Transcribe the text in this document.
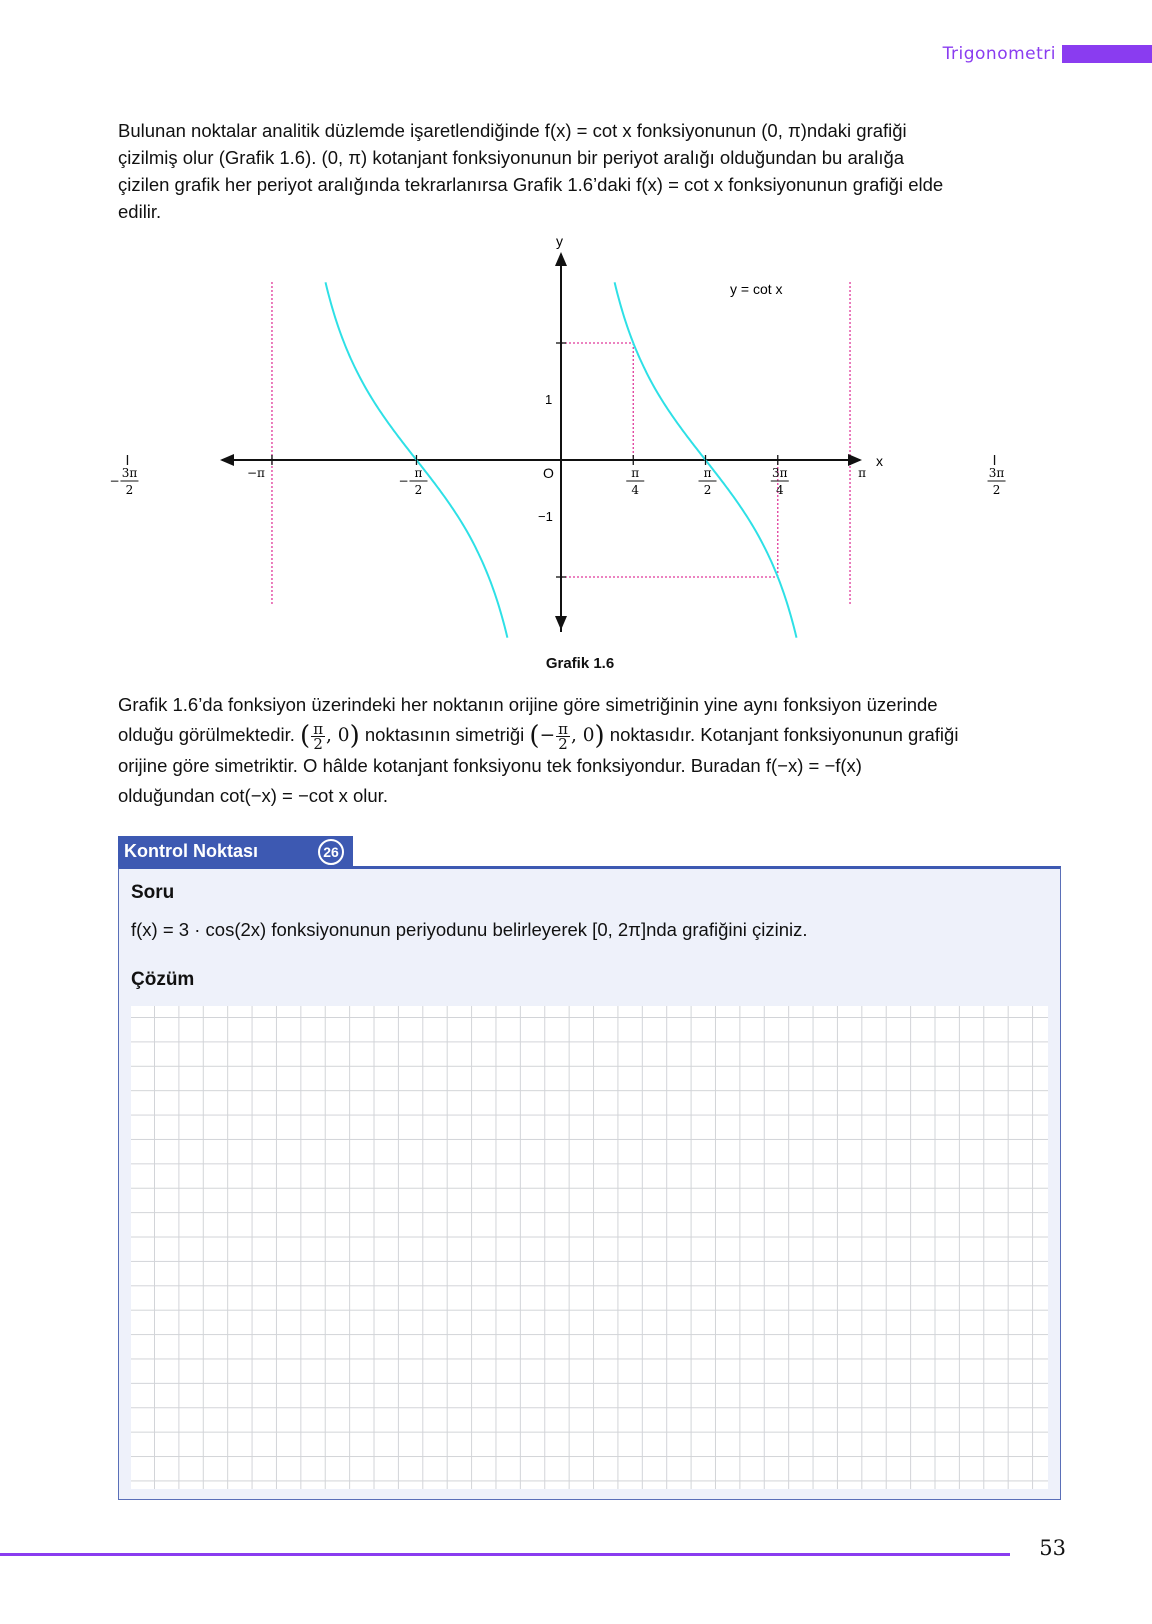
Trigonometri
Bulunan noktalar analitik düzlemde işaretlendiğinde f(x) = cot x fonksiyonunun (0, π)ndaki grafiği
çizilmiş olur (Grafik 1.6). (0, π) kotanjant fonksiyonunun bir periyot aralığı olduğundan bu aralığa
çizilen grafik her periyot aralığında tekrarlanırsa Grafik 1.6’daki f(x) = cot x fonksiyonunun grafiği elde
edilir.
3π
2
−
−π	π
2
−
π
4
π
2
3π
4
π	3π
2
y
x
O
y = cot x
1
−1
Grafik 1.6
Grafik 1.6’da fonksiyon üzerindeki her noktanın orijine göre simetriğinin yine aynı fonksiyon üzerinde
olduğu görülmektedir. ( $\frac{\pi}{2}$ , 0) noktasının simetriği (− $\frac{\pi}{2}$ , 0) noktasıdır. Kotanjant fonksiyonunun grafiği
orijine göre simetriktir. O hâlde kotanjant fonksiyonu tek fonksiyondur. Buradan f(−x) = −f(x)
olduğundan cot(−x) = −cot x olur.
Kontrol Noktası	26
Soru
f(x) = 3 · cos(2x) fonksiyonunun periyodunu belirleyerek [0, 2π]nda grafiğini çiziniz.
Çözüm
53
